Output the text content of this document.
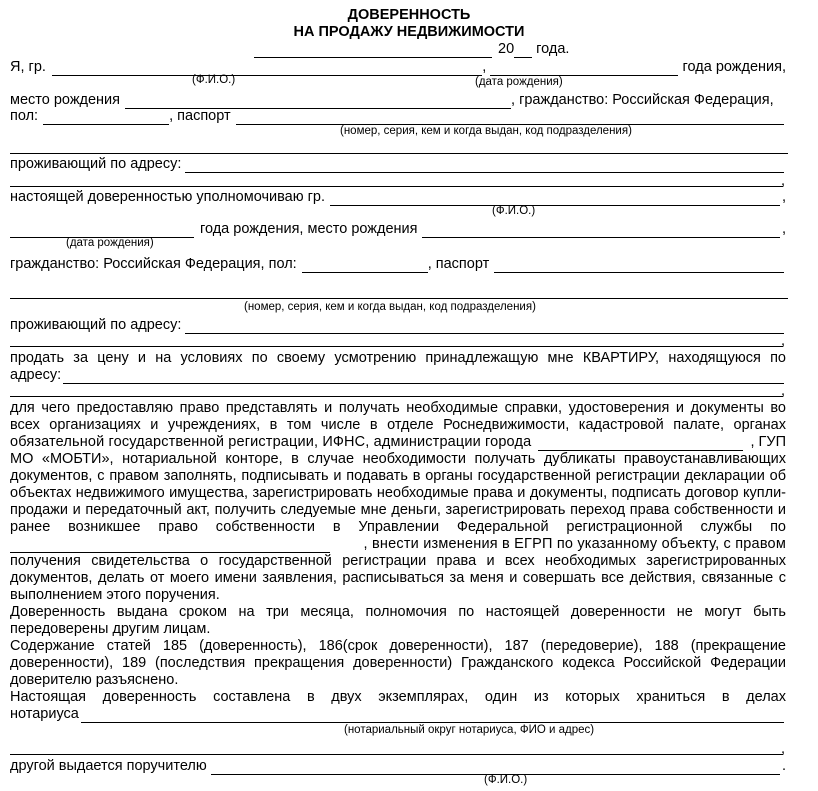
ДОВЕРЕННОСТЬ
НА ПРОДАЖУ НЕДВИЖИМОСТИ
20 года.
Я, гр.	,	года рождения,
(Ф.И.О.)	(дата рождения)
место рождения	, гражданство: Российская Федерация,
пол:	, паспорт
(номер, серия, кем и когда выдан, код подразделения)
проживающий по адресу:
,
настоящей доверенностью уполномочиваю гр.	,
(Ф.И.О.)
года рождения, место рождения	,
(дата рождения)
гражданство: Российская Федерация, пол:	, паспорт
(номер, серия, кем и когда выдан, код подразделения)
проживающий по адресу:
,
продать за цену и на условиях по своему усмотрению принадлежащую мне КВАРТИРУ, находящуюся по
адресу:
,
для чего предоставляю право представлять и получать необходимые справки, удостоверения и документы во
всех организациях и учреждениях, в том числе в отделе Роснедвижимости, кадастровой палате, органах
обязательной государственной регистрации, ИФНС, администрации города	, ГУП
МО «МОБТИ», нотариальной конторе, в случае необходимости получать дубликаты правоустанавливающих
документов, с правом заполнять, подписывать и подавать в органы государственной регистрации декларации об
объектах недвижимого имущества, зарегистрировать необходимые права и документы, подписать договор купли-
продажи и передаточный акт, получить следуемые мне деньги, зарегистрировать переход права собственности и
ранее возникшее право собственности в Управлении Федеральной регистрационной службы по
, внести изменения в ЕГРП по указанному объекту, с правом
получения свидетельства о государственной регистрации права и всех необходимых зарегистрированных
документов, делать от моего имени заявления, расписываться за меня и совершать все действия, связанные с
выполнением этого поручения.
Доверенность выдана сроком на три месяца, полномочия по настоящей доверенности не могут быть
передоверены другим лицам.
Содержание статей 185 (доверенность), 186(срок доверенности), 187 (передоверие), 188 (прекращение
доверенности), 189 (последствия прекращения доверенности) Гражданского кодекса Российской Федерации
доверителю разъяснено.
Настоящая доверенность составлена в двух экземплярах, один из которых храниться в делах
нотариуса
(нотариальный округ нотариуса, ФИО и адрес)
,
другой выдается поручителю	.
(Ф.И.О.)
